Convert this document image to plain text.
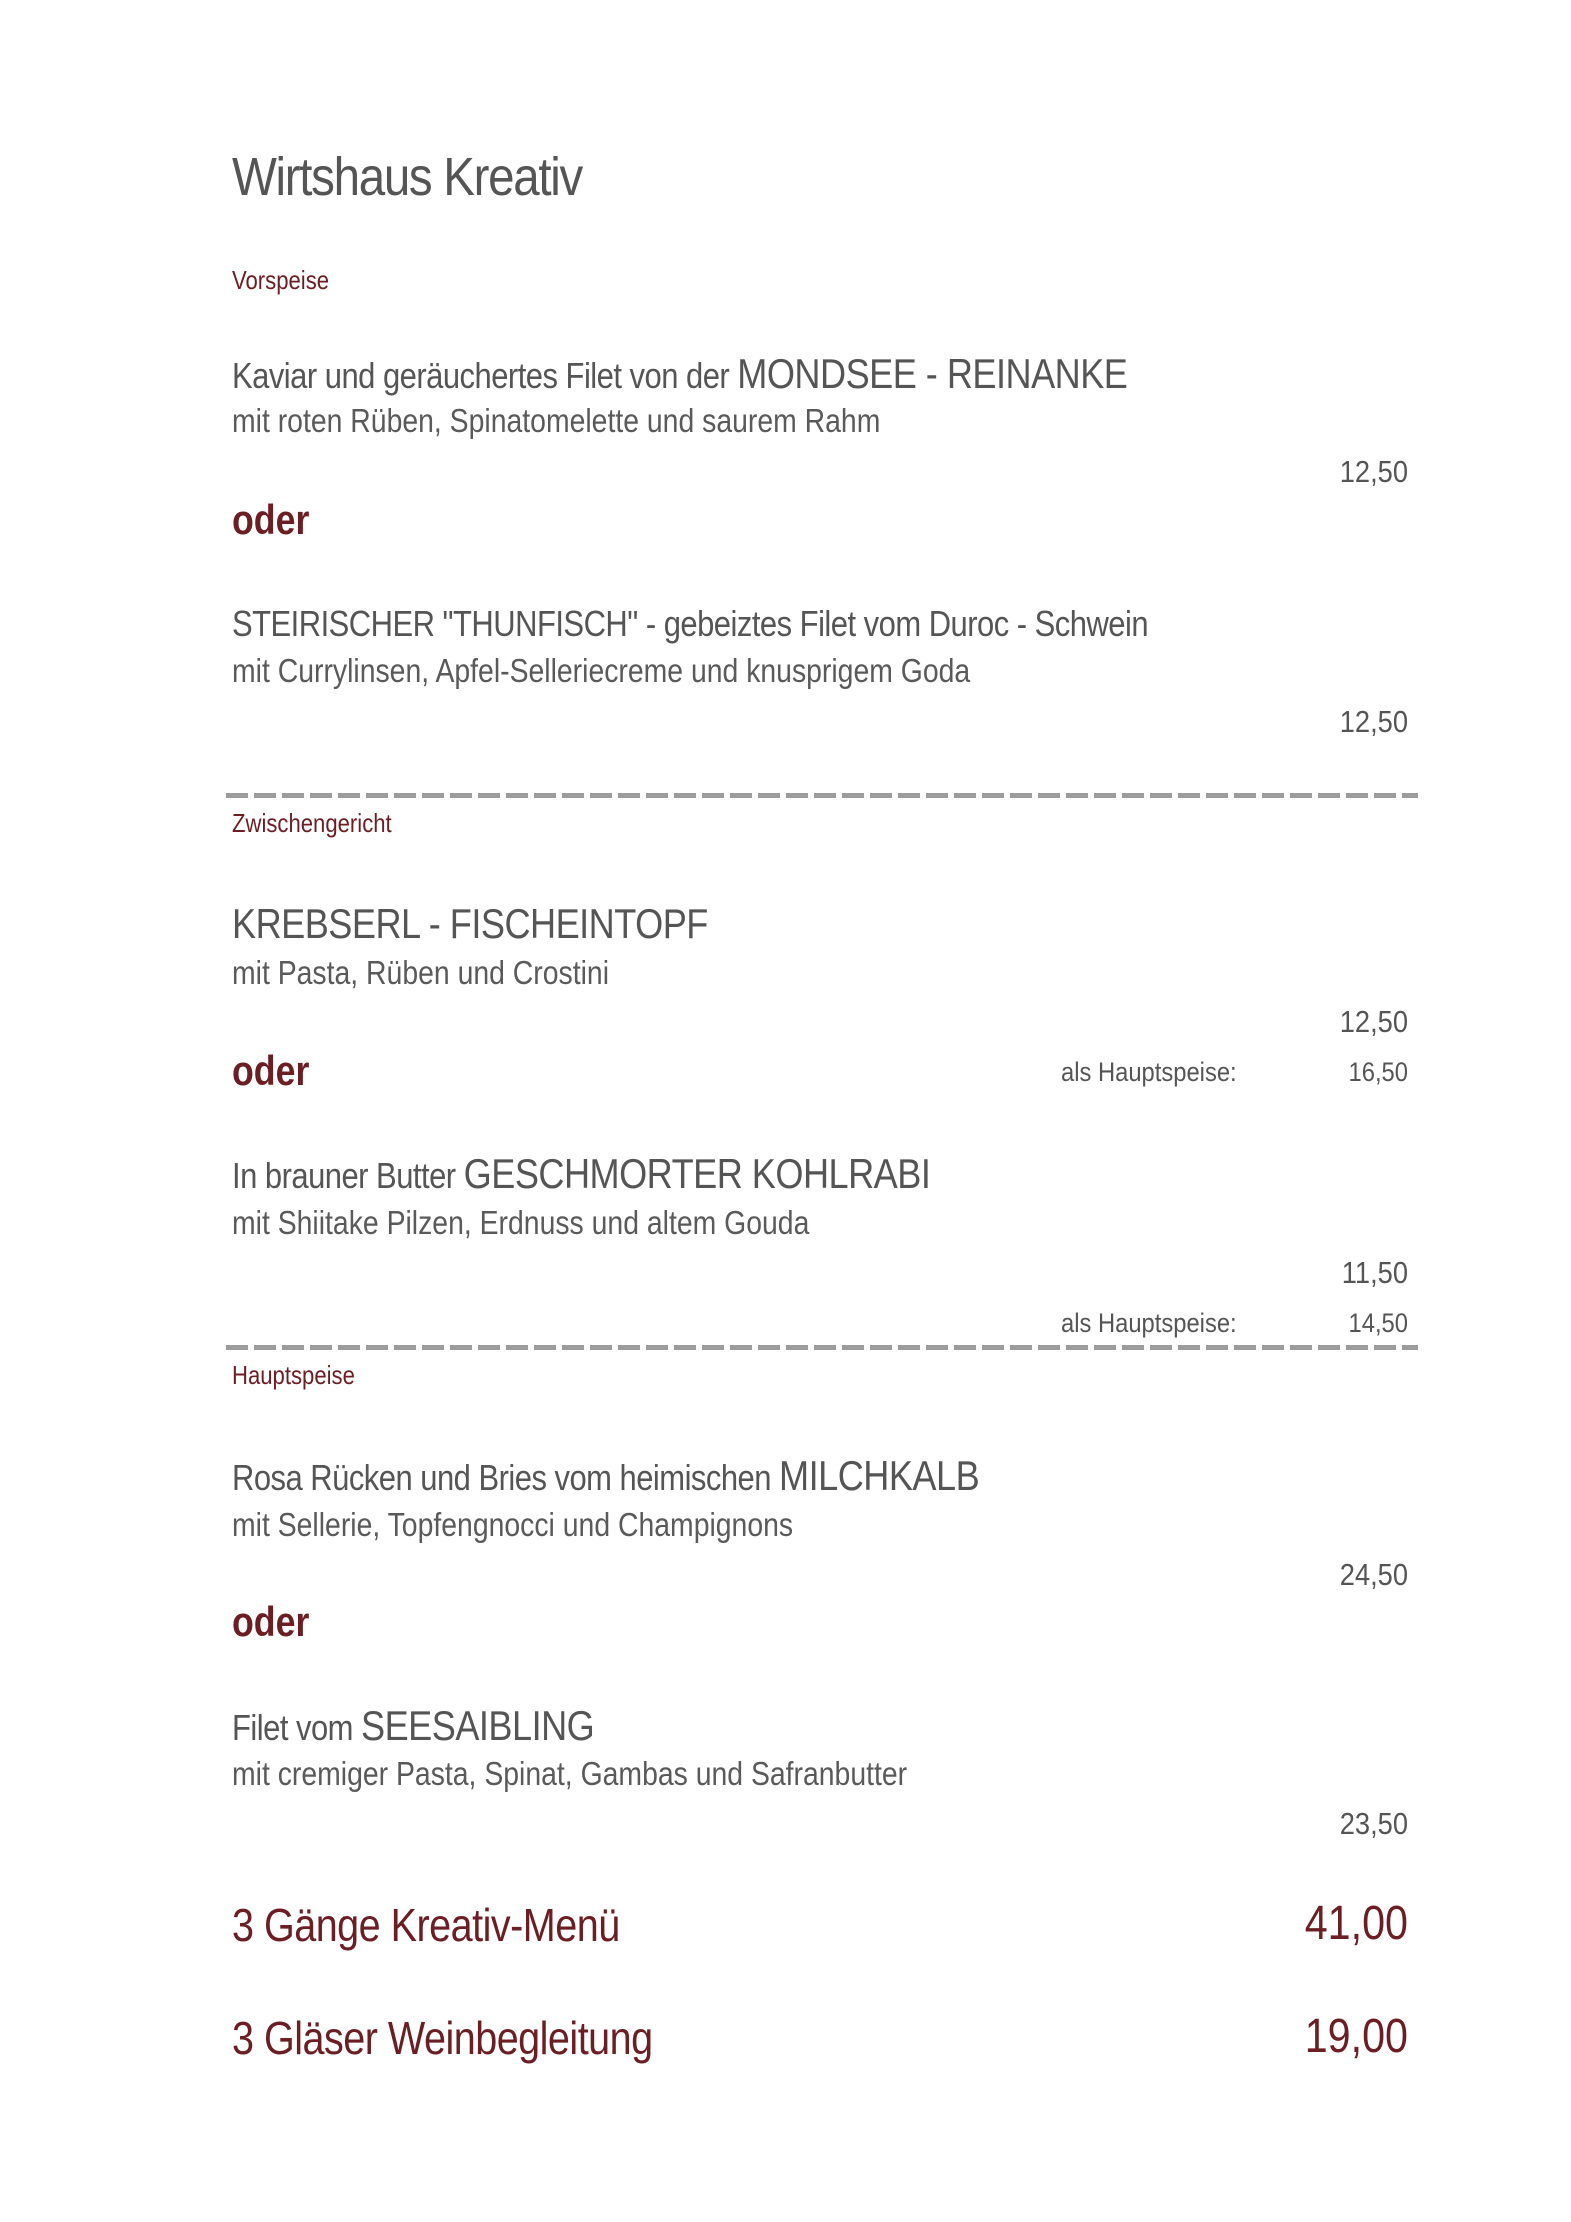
Wirtshaus Kreativ
Vorspeise
Kaviar und geräuchertes Filet von der MONDSEE - REINANKE
mit roten Rüben, Spinatomelette und saurem Rahm
12,50
oder
STEIRISCHER "THUNFISCH" - gebeiztes Filet vom Duroc - Schwein
mit Currylinsen, Apfel-Selleriecreme und knusprigem Goda
12,50
Zwischengericht
KREBSERL - FISCHEINTOPF
mit Pasta, Rüben und Crostini
12,50
oder	als Hauptspeise:	16,50
In brauner Butter GESCHMORTER KOHLRABI
mit Shiitake Pilzen, Erdnuss und altem Gouda
11,50
als Hauptspeise:	14,50
Hauptspeise
Rosa Rücken und Bries vom heimischen MILCHKALB
mit Sellerie, Topfengnocci und Champignons
24,50
oder
Filet vom SEESAIBLING
mit cremiger Pasta, Spinat, Gambas und Safranbutter
23,50
3 Gänge Kreativ-Menü	41,00
3 Gläser Weinbegleitung	19,00
